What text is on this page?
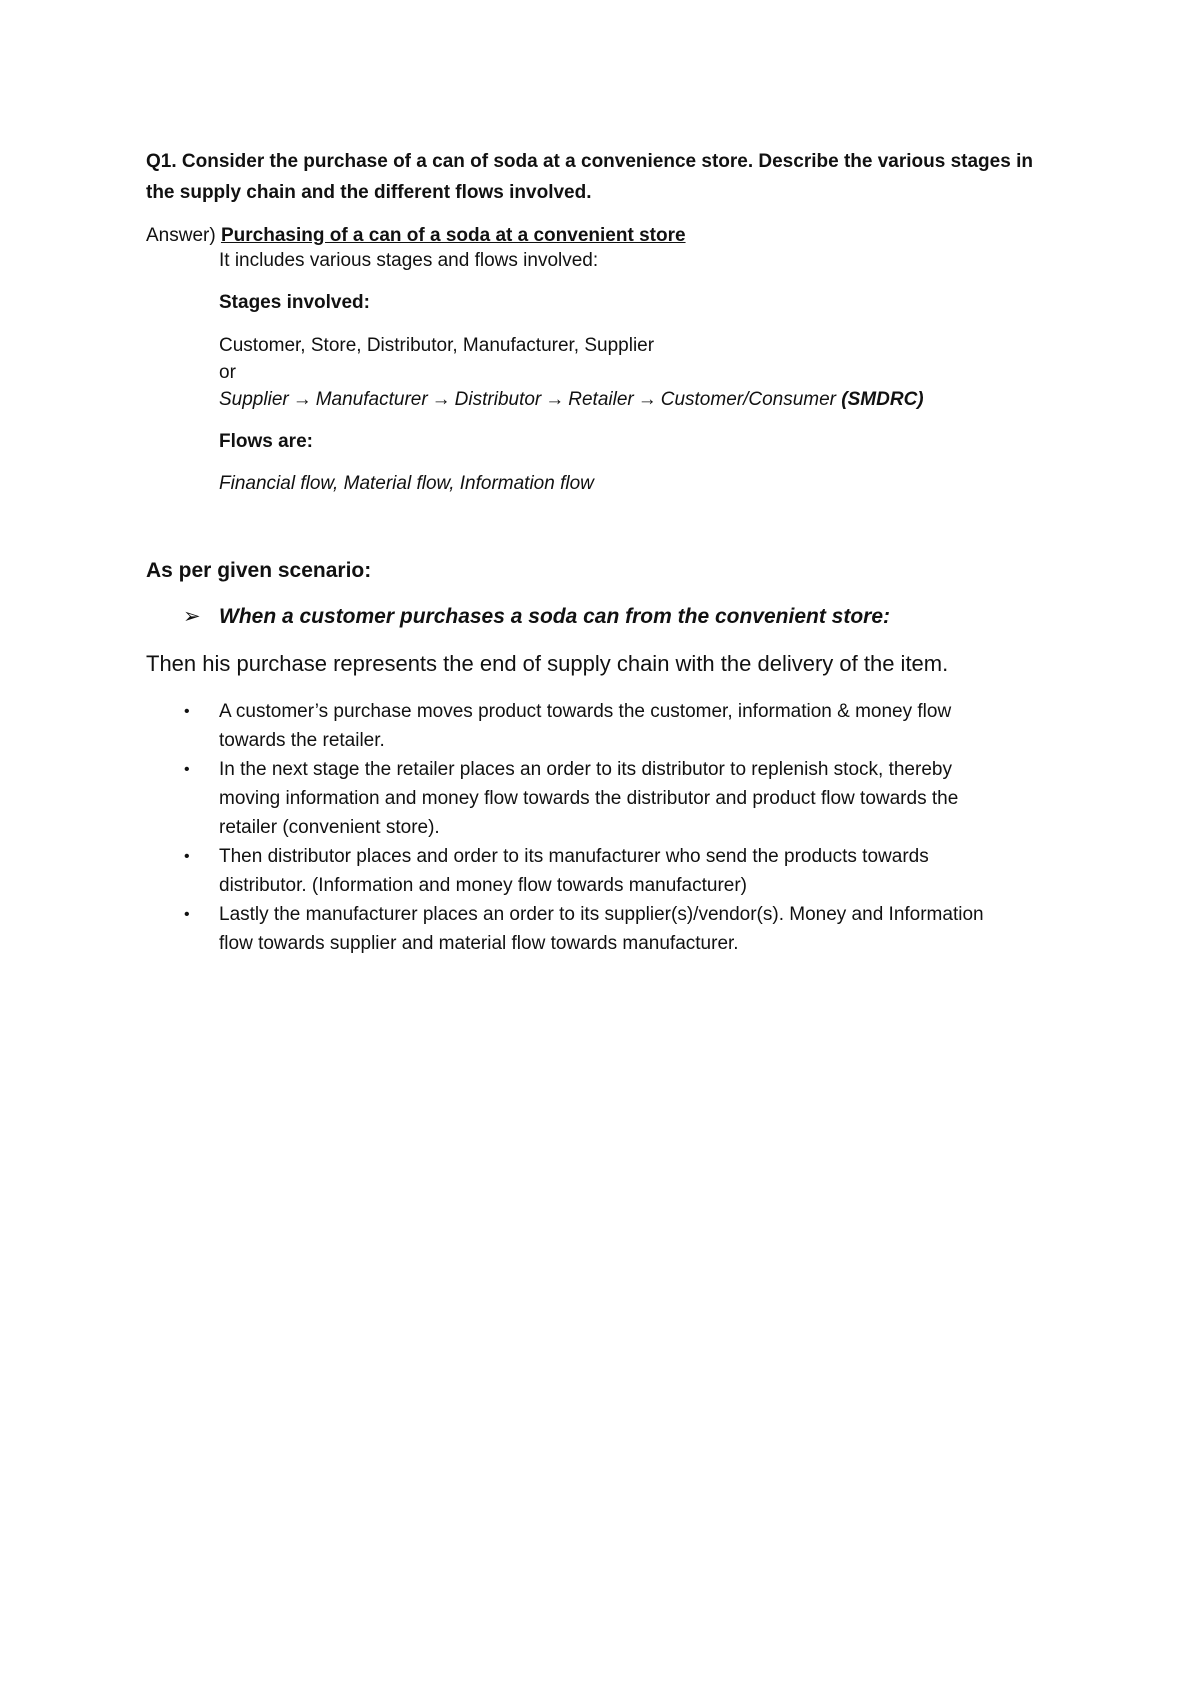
Q1. Consider the purchase of a can of soda at a convenience store. Describe the various stages in the supply chain and the different flows involved.
Answer) Purchasing of a can of a soda at a convenient store
It includes various stages and flows involved:
Stages involved:
Customer, Store, Distributor, Manufacturer, Supplier
or
Supplier → Manufacturer → Distributor → Retailer → Customer/Consumer (SMDRC)
Flows are:
Financial flow, Material flow, Information flow
As per given scenario:
➢ When a customer purchases a soda can from the convenient store:
Then his purchase represents the end of supply chain with the delivery of the item.
• A customer’s purchase moves product towards the customer, information & money flow
towards the retailer.
• In the next stage the retailer places an order to its distributor to replenish stock, thereby
moving information and money flow towards the distributor and product flow towards the
retailer (convenient store).
• Then distributor places and order to its manufacturer who send the products towards
distributor. (Information and money flow towards manufacturer)
• Lastly the manufacturer places an order to its supplier(s)/vendor(s). Money and Information
flow towards supplier and material flow towards manufacturer.
